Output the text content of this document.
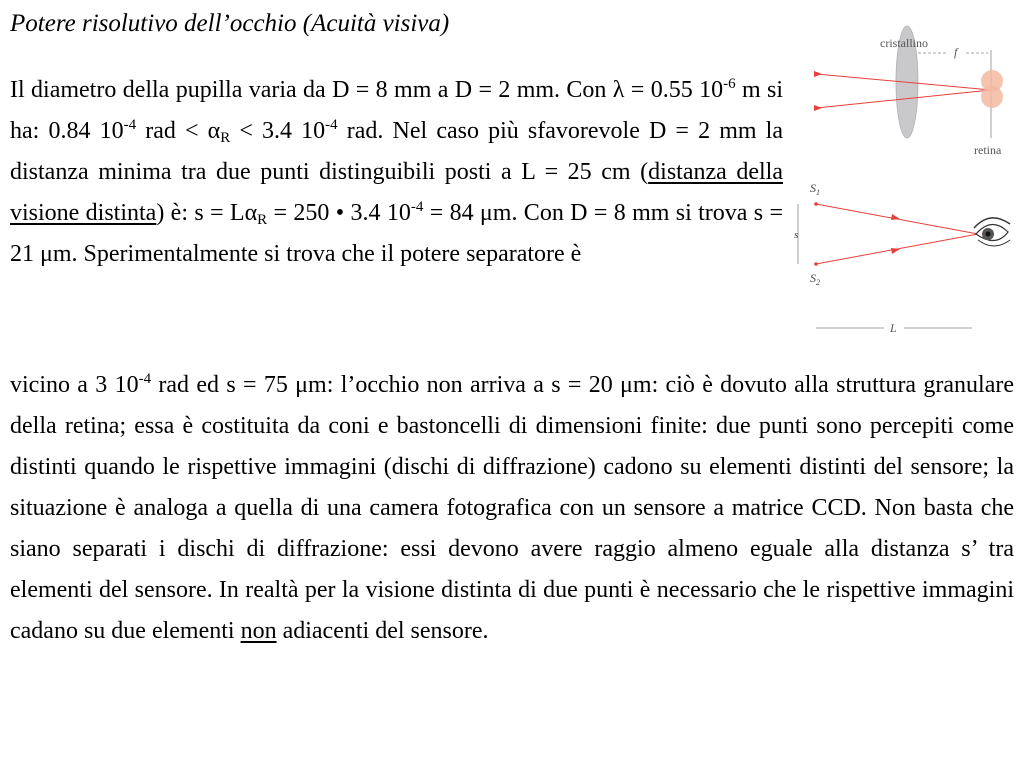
Potere risolutivo dell’occhio (Acuità visiva)

Il diametro della pupilla varia da D = 8 mm a D = 2 mm. Con λ = 0.55 $10^{-6}$ m si ha: 0.84 $10^{-4}$ rad < $\alpha_R < 3.4$ $10^{-4}$ rad. Nel caso più sfavorevole D = 2 mm la distanza minima tra due punti distinguibili posti a L = 25 cm (distanza della visione distinta) è: $s = L\alpha_R = 250$ • 3.4 $10^{-4} = 84$ μm. Con D = 8 mm si trova s = 21 μm. Sperimentalmente si trova che il potere separatore è

vicino a 3 $10^{-4}$ rad ed s = 75 μm: l’occhio non arriva a s = 20 μm: ciò è dovuto alla struttura granulare della retina; essa è costituita da coni e bastoncelli di dimensioni finite: due punti sono percepiti come distinti quando le rispettive immagini (dischi di diffrazione) cadono su elementi distinti del sensore; la situazione è analoga a quella di una camera fotografica con un sensore a matrice CCD. Non basta che siano separati i dischi di diffrazione: essi devono avere raggio almeno eguale alla distanza s’ tra elementi del sensore. In realtà per la visione distinta di due punti è necessario che le rispettive immagini cadano su due elementi non adiacenti del sensore.

f
cristallino
retina
$S_1$
$S_2$
s
L
